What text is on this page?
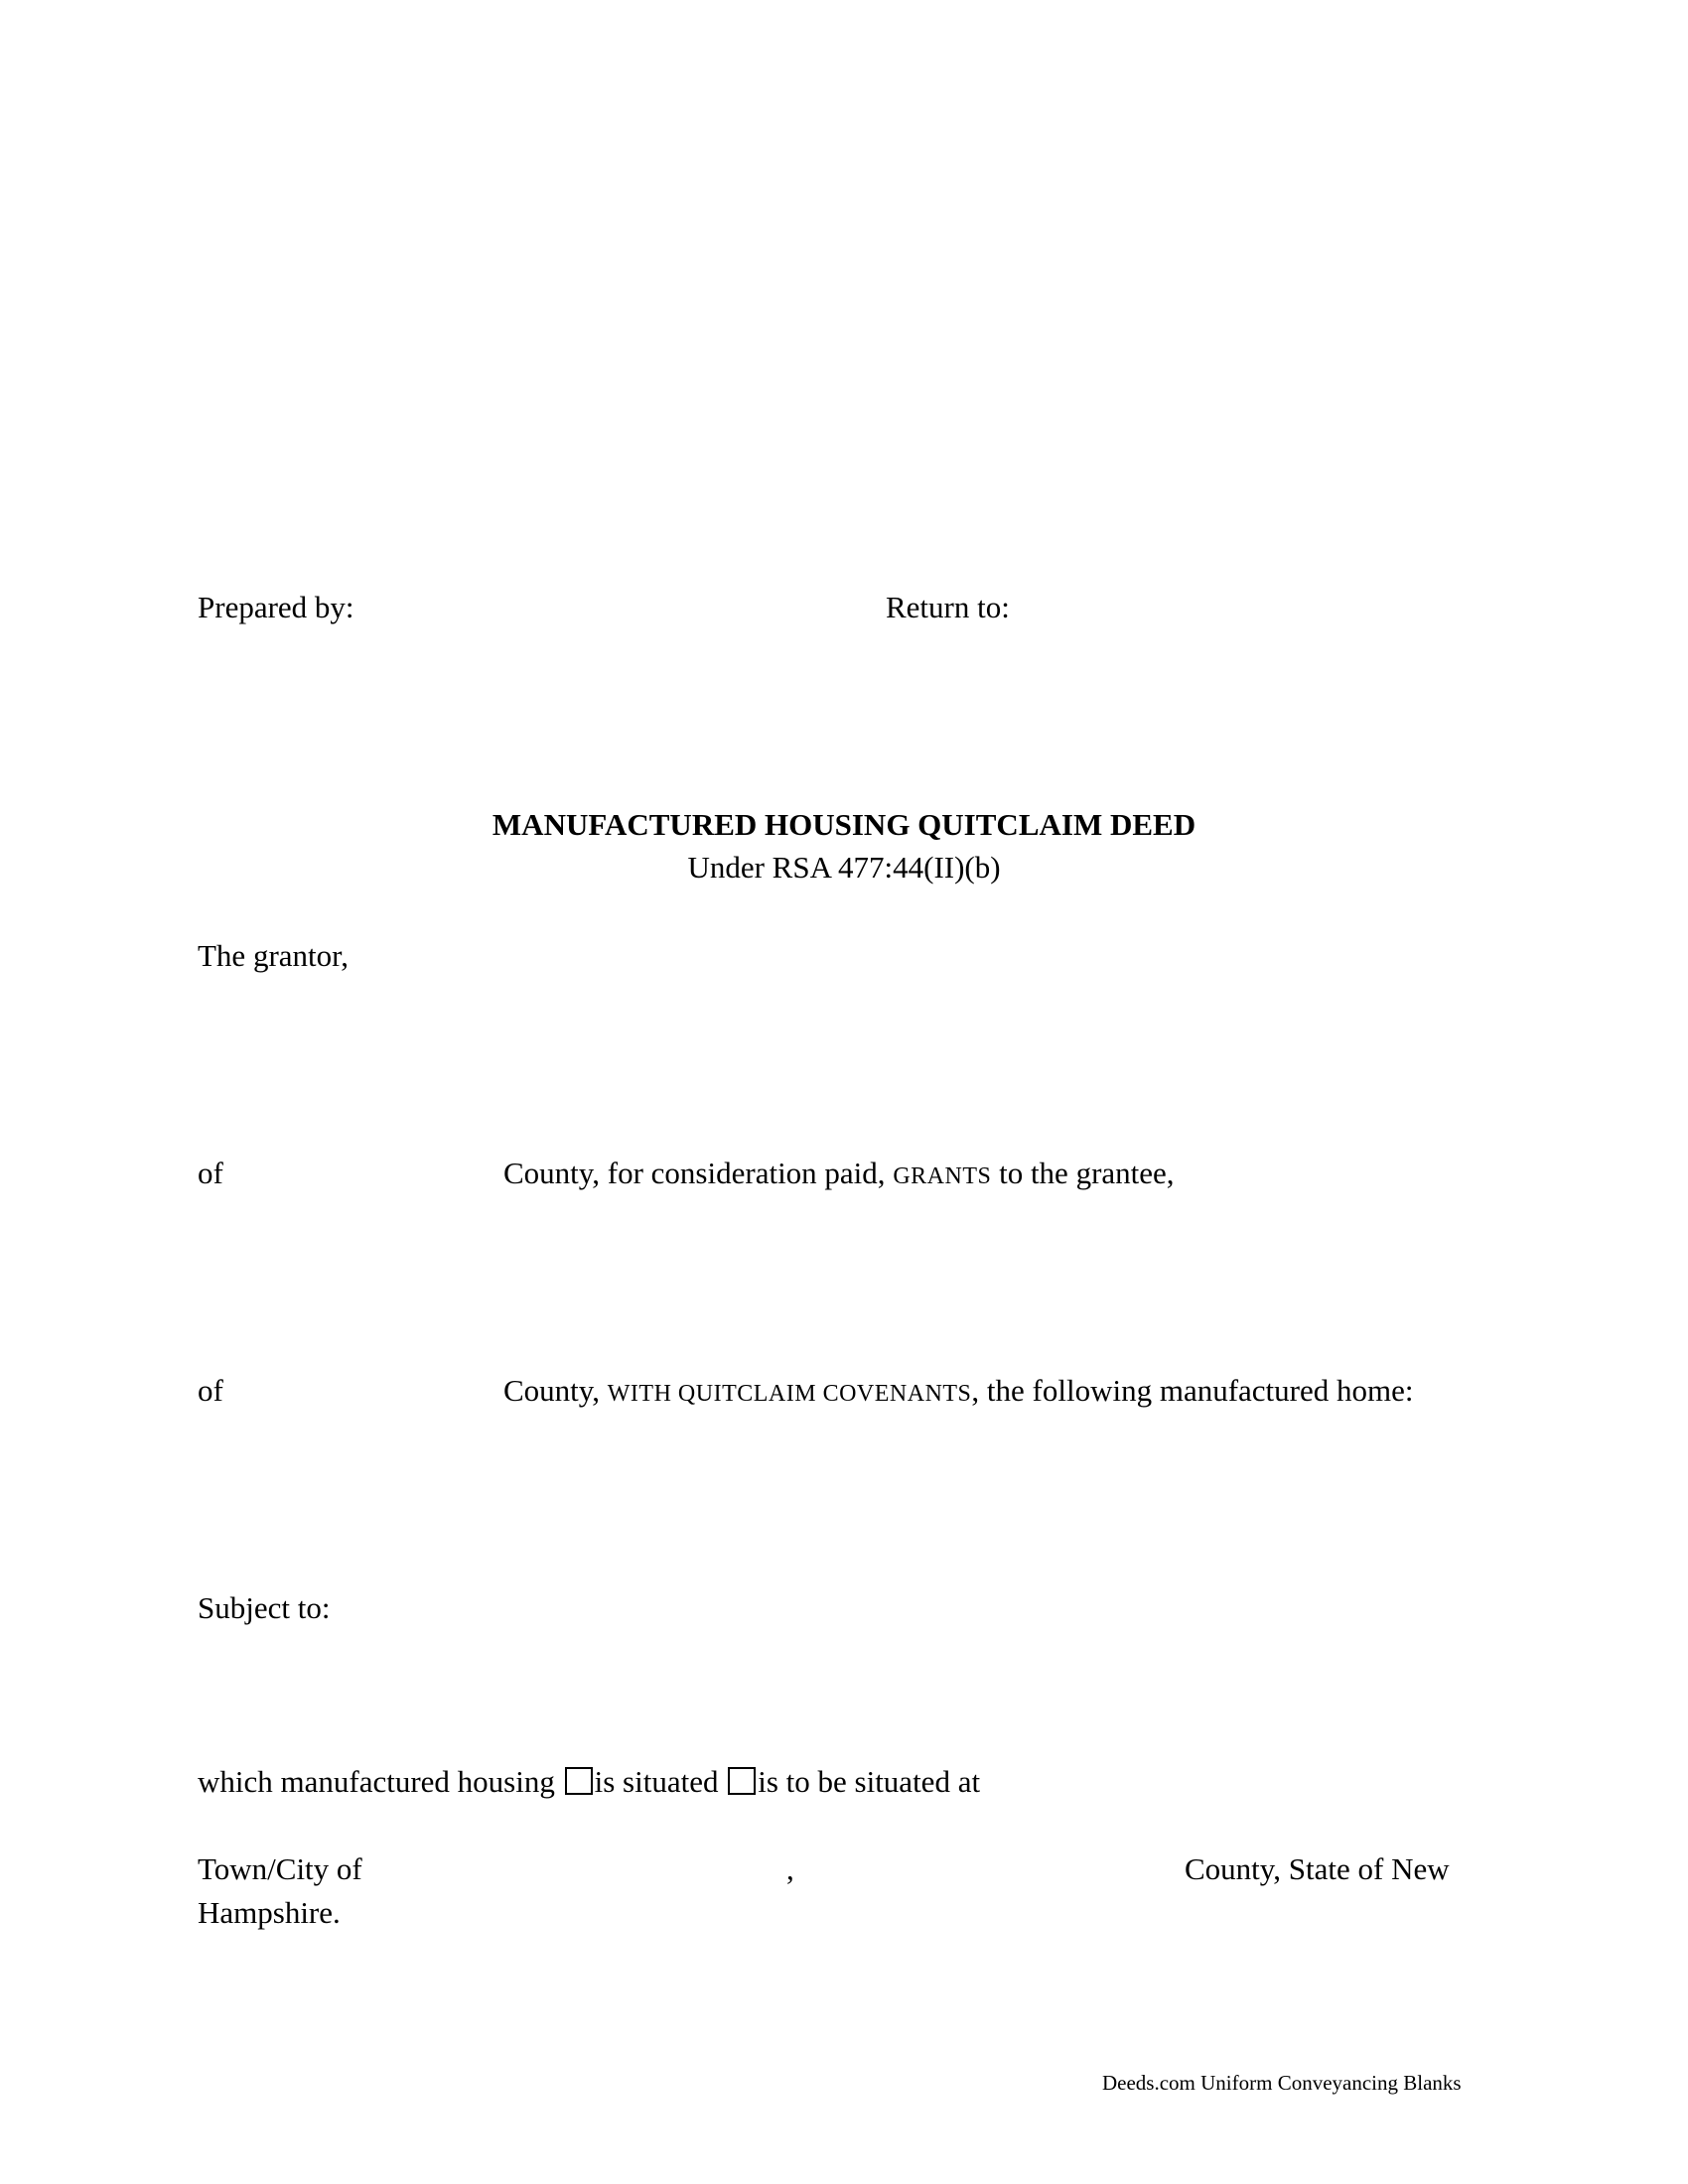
Prepared by:	Return to:
MANUFACTURED HOUSING QUITCLAIM DEED
Under RSA 477:44(II)(b)
The grantor,
of	County, for consideration paid, GRANTS to the grantee,
of	County, WITH QUITCLAIM COVENANTS, the following manufactured home:
Subject to:
which manufactured housing is situated is to be situated at
Town/City of	,	County, State of New
Hampshire.
Deeds.com Uniform Conveyancing Blanks
